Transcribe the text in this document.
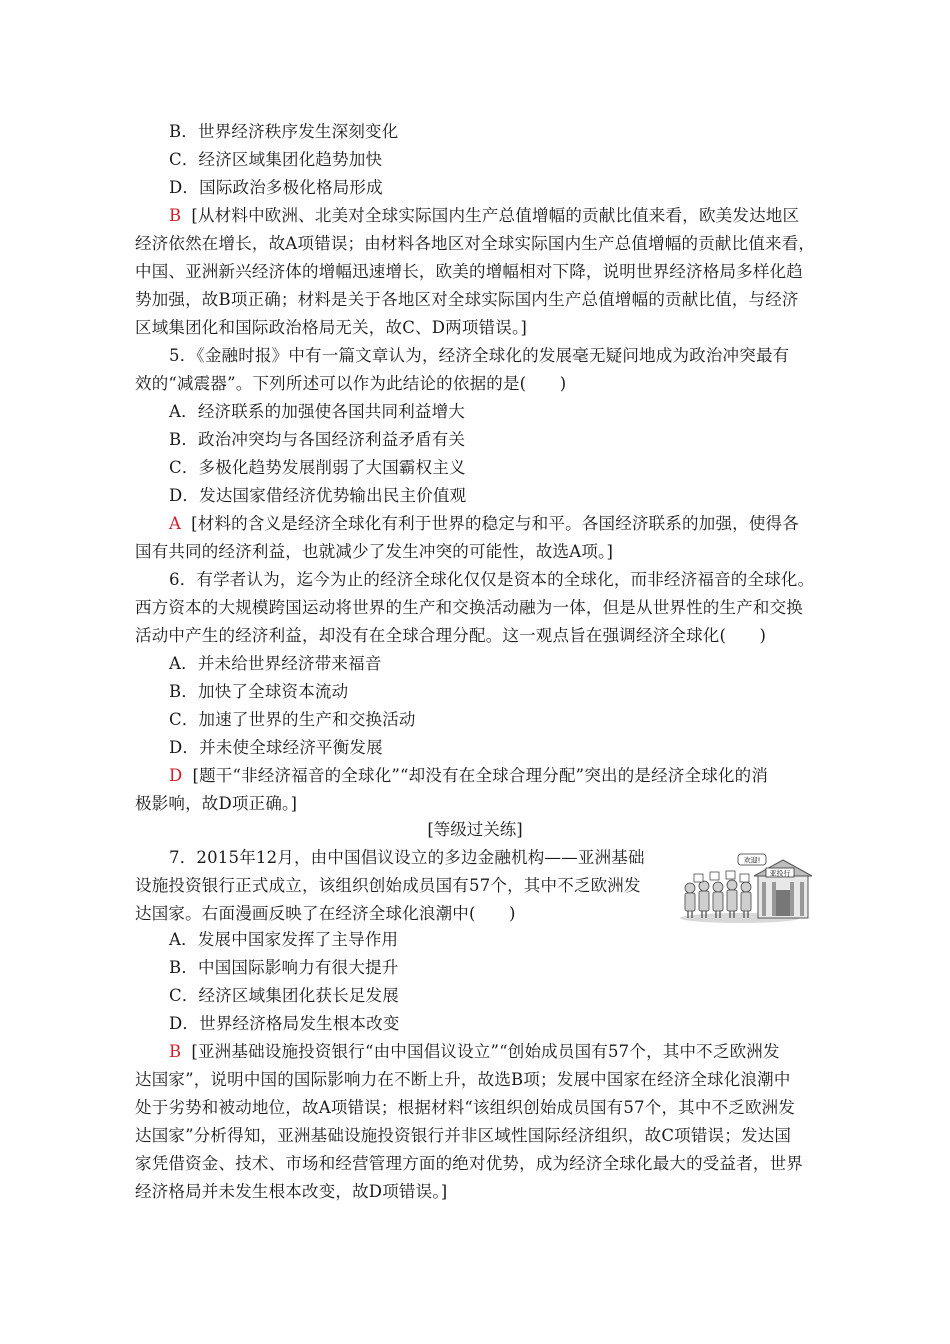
B．世界经济秩序发生深刻变化
C．经济区域集团化趋势加快
D．国际政治多极化格局形成
B [从材料中欧洲、北美对全球实际国内生产总值增幅的贡献比值来看，欧美发达地区
经济依然在增长，故A项错误；由材料各地区对全球实际国内生产总值增幅的贡献比值来看，
中国、亚洲新兴经济体的增幅迅速增长，欧美的增幅相对下降，说明世界经济格局多样化趋
势加强，故B项正确；材料是关于各地区对全球实际国内生产总值增幅的贡献比值，与经济
区域集团化和国际政治格局无关，故C、D两项错误。]
5．《金融时报》中有一篇文章认为，经济全球化的发展毫无疑问地成为政治冲突最有
效的“减震器”。下列所述可以作为此结论的依据的是(　　)
A．经济联系的加强使各国共同利益增大
B．政治冲突均与各国经济利益矛盾有关
C．多极化趋势发展削弱了大国霸权主义
D．发达国家借经济优势输出民主价值观
A [材料的含义是经济全球化有利于世界的稳定与和平。各国经济联系的加强，使得各
国有共同的经济利益，也就减少了发生冲突的可能性，故选A项。]
6．有学者认为，迄今为止的经济全球化仅仅是资本的全球化，而非经济福音的全球化。
西方资本的大规模跨国运动将世界的生产和交换活动融为一体，但是从世界性的生产和交换
活动中产生的经济利益，却没有在全球合理分配。这一观点旨在强调经济全球化(　　)
A．并未给世界经济带来福音
B．加快了全球资本流动
C．加速了世界的生产和交换活动
D．并未使全球经济平衡发展
D [题干“非经济福音的全球化”“却没有在全球合理分配”突出的是经济全球化的消
极影响，故D项正确。]
[等级过关练]
7．2015年12月，由中国倡议设立的多边金融机构——亚洲基础
设施投资银行正式成立，该组织创始成员国有57个，其中不乏欧洲发
达国家。右面漫画反映了在经济全球化浪潮中(　　)
亚投行
欢迎!
A．发展中国家发挥了主导作用
B．中国国际影响力有很大提升
C．经济区域集团化获长足发展
D．世界经济格局发生根本改变
B [亚洲基础设施投资银行“由中国倡议设立”“创始成员国有57个，其中不乏欧洲发
达国家”，说明中国的国际影响力在不断上升，故选B项；发展中国家在经济全球化浪潮中
处于劣势和被动地位，故A项错误；根据材料“该组织创始成员国有57个，其中不乏欧洲发
达国家”分析得知，亚洲基础设施投资银行并非区域性国际经济组织，故C项错误；发达国
家凭借资金、技术、市场和经营管理方面的绝对优势，成为经济全球化最大的受益者，世界
经济格局并未发生根本改变，故D项错误。]
